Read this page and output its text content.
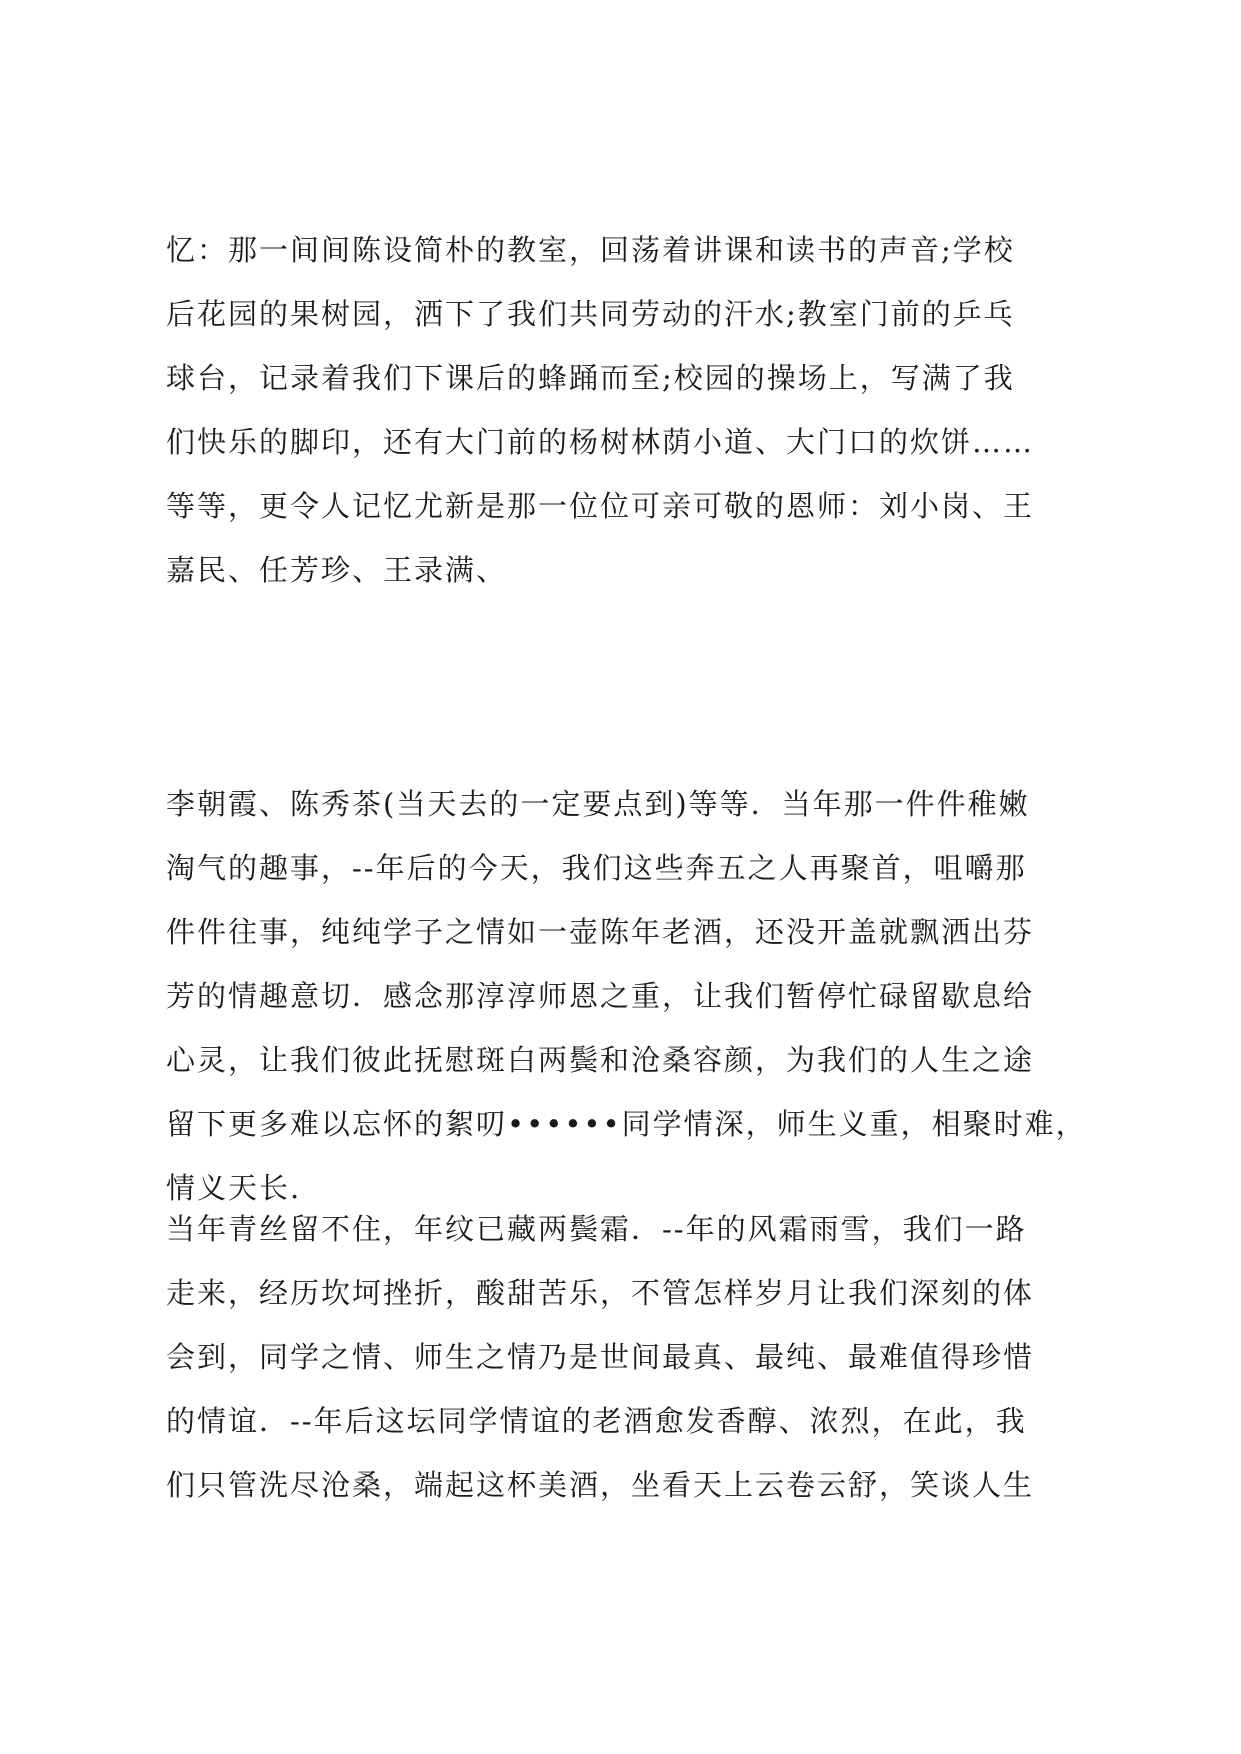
忆：那一间间陈设简朴的教室，回荡着讲课和读书的声音;学校
后花园的果树园，洒下了我们共同劳动的汗水;教室门前的乒乓
球台，记录着我们下课后的蜂踊而至;校园的操场上，写满了我
们快乐的脚印，还有大门前的杨树林荫小道、大门口的炊饼……
等等，更令人记忆尤新是那一位位可亲可敬的恩师：刘小岗、王
嘉民、任芳珍、王录满、
李朝霞、陈秀茶(当天去的一定要点到)等等．当年那一件件稚嫩
淘气的趣事，--年后的今天，我们这些奔五之人再聚首，咀嚼那
件件往事，纯纯学子之情如一壶陈年老酒，还没开盖就飘洒出芬
芳的情趣意切．感念那淳淳师恩之重，让我们暂停忙碌留歇息给
心灵，让我们彼此抚慰斑白两鬓和沧桑容颜，为我们的人生之途
留下更多难以忘怀的絮叨••••••同学情深，师生义重，相聚时难，
情义天长.
当年青丝留不住，年纹已藏两鬓霜．--年的风霜雨雪，我们一路
走来，经历坎坷挫折，酸甜苦乐，不管怎样岁月让我们深刻的体
会到，同学之情、师生之情乃是世间最真、最纯、最难值得珍惜
的情谊．--年后这坛同学情谊的老酒愈发香醇、浓烈，在此，我
们只管洗尽沧桑，端起这杯美酒，坐看天上云卷云舒，笑谈人生
